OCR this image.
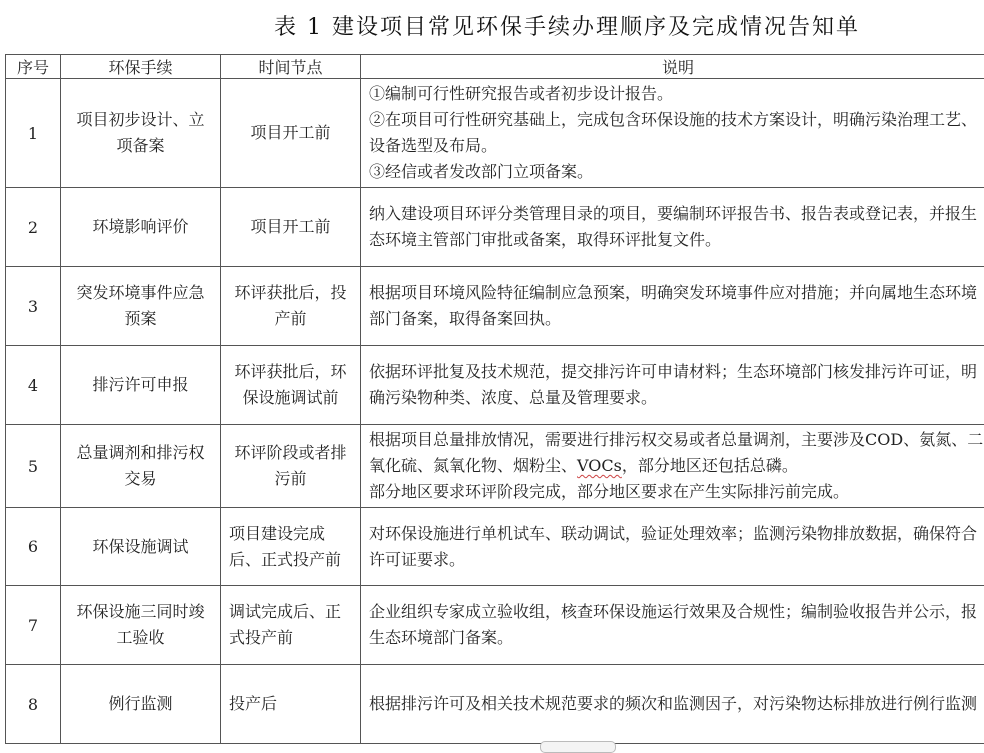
表 1 建设项目常见环保手续办理顺序及完成情况告知单
序号	环保手续	时间节点	说明
1	项目初步设计、立项备案	项目开工前	①编制可行性研究报告或者初步设计报告。
②在项目可行性研究基础上，完成包含环保设施的技术方案设计，明确污染治理工艺、设备选型及布局。
③经信或者发改部门立项备案。

2	环境影响评价	项目开工前	纳入建设项目环评分类管理目录的项目，要编制环评报告书、报告表或登记表，并报生态环境主管部门审批或备案，取得环评批复文件。

3	突发环境事件应急预案	环评获批后，投产前	根据项目环境风险特征编制应急预案，明确突发环境事件应对措施；并向属地生态环境部门备案，取得备案回执。

4	排污许可申报	环评获批后，环保设施调试前	依据环评批复及技术规范，提交排污许可申请材料；生态环境部门核发排污许可证，明确污染物种类、浓度、总量及管理要求。

5	总量调剂和排污权交易	环评阶段或者排污前	根据项目总量排放情况，需要进行排污权交易或者总量调剂，主要涉及COD、氨氮、二氧化硫、氮氧化物、烟粉尘、VOCs，部分地区还包括总磷。
部分地区要求环评阶段完成，部分地区要求在产生实际排污前完成。

6	环保设施调试	项目建设完成后、正式投产前	对环保设施进行单机试车、联动调试，验证处理效率；监测污染物排放数据，确保符合许可证要求。

7	环保设施三同时竣工验收	调试完成后、正式投产前	企业组织专家成立验收组，核查环保设施运行效果及合规性；编制验收报告并公示，报生态环境部门备案。

8	例行监测	投产后	根据排污许可及相关技术规范要求的频次和监测因子，对污染物达标排放进行例行监测
